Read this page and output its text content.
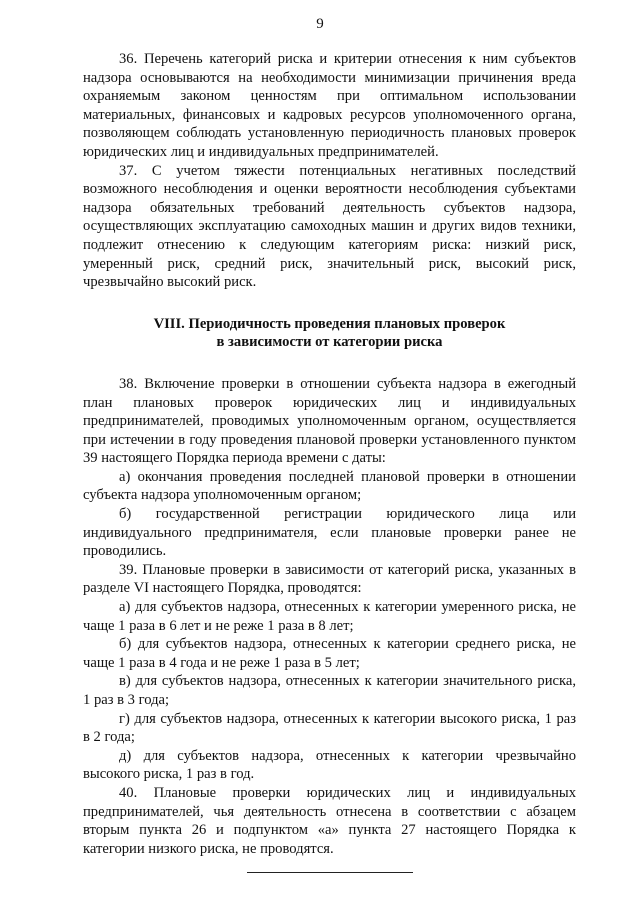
9

36. Перечень категорий риска и критерии отнесения к ним субъектов надзора основываются на необходимости минимизации причинения вреда охраняемым законом ценностям при оптимальном использовании материальных, финансовых и кадровых ресурсов уполномоченного органа, позволяющем соблюдать установленную периодичность плановых проверок юридических лиц и индивидуальных предпринимателей.

37. С учетом тяжести потенциальных негативных последствий возможного несоблюдения и оценки вероятности несоблюдения субъектами надзора обязательных требований деятельность субъектов надзора, осуществляющих эксплуатацию самоходных машин и других видов техники, подлежит отнесению к следующим категориям риска: низкий риск, умеренный риск, средний риск, значительный риск, высокий риск, чрезвычайно высокий риск.

VIII. Периодичность проведения плановых проверок
в зависимости от категории риска

38. Включение проверки в отношении субъекта надзора в ежегодный план плановых проверок юридических лиц и индивидуальных предпринимателей, проводимых уполномоченным органом, осуществляется при истечении в году проведения плановой проверки установленного пунктом 39 настоящего Порядка периода времени с даты:

а) окончания проведения последней плановой проверки в отношении субъекта надзора уполномоченным органом;

б) государственной регистрации юридического лица или индивидуального предпринимателя, если плановые проверки ранее не проводились.

39. Плановые проверки в зависимости от категорий риска, указанных в разделе VI настоящего Порядка, проводятся:

а) для субъектов надзора, отнесенных к категории умеренного риска, не чаще 1 раза в 6 лет и не реже 1 раза в 8 лет;

б) для субъектов надзора, отнесенных к категории среднего риска, не чаще 1 раза в 4 года и не реже 1 раза в 5 лет;

в) для субъектов надзора, отнесенных к категории значительного риска, 1 раз в 3 года;

г) для субъектов надзора, отнесенных к категории высокого риска, 1 раз в 2 года;

д) для субъектов надзора, отнесенных к категории чрезвычайно высокого риска, 1 раз в год.

40. Плановые проверки юридических лиц и индивидуальных предпринимателей, чья деятельность отнесена в соответствии с абзацем вторым пункта 26 и подпунктом «а» пункта 27 настоящего Порядка к категории низкого риска, не проводятся.
